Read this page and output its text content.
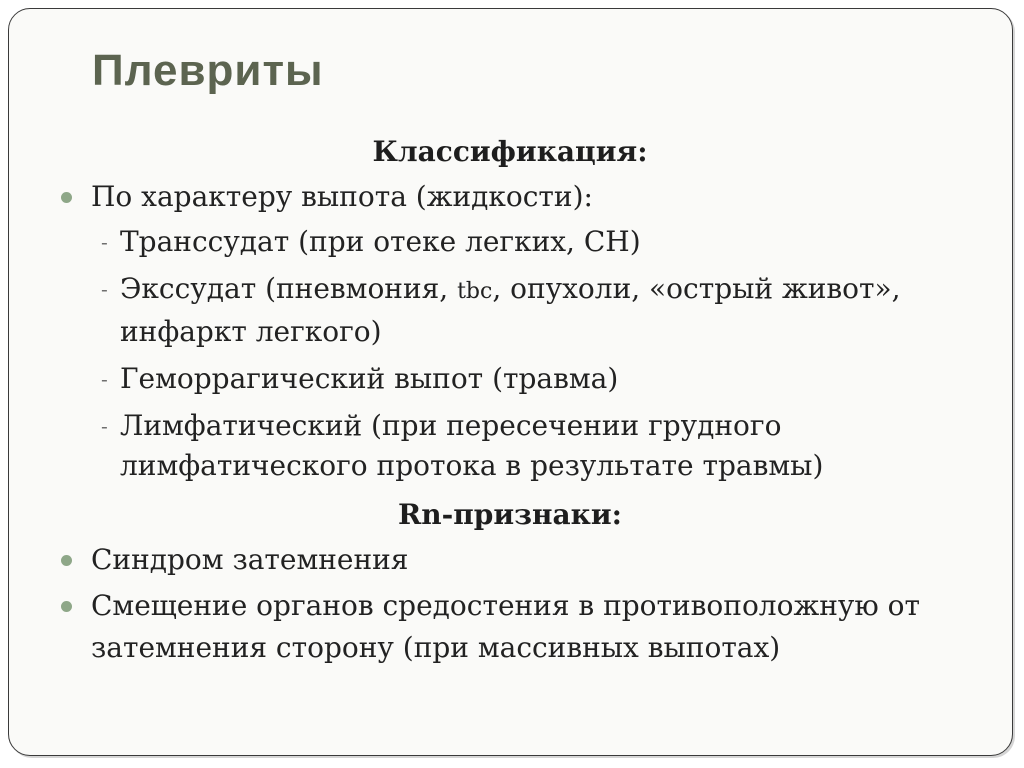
Плевриты

Классификация:

По характеру выпота (жидкости):
- Транссудат (при отеке легких, СН)
- Экссудат (пневмония, tbc, опухоли, «острый живот», инфаркт легкого)
- Геморрагический выпот (травма)
- Лимфатический (при пересечении грудного лимфатического протока в результате травмы)

Rn-признаки:

Синдром затемнения
Смещение органов средостения в противоположную от затемнения сторону (при массивных выпотах)
